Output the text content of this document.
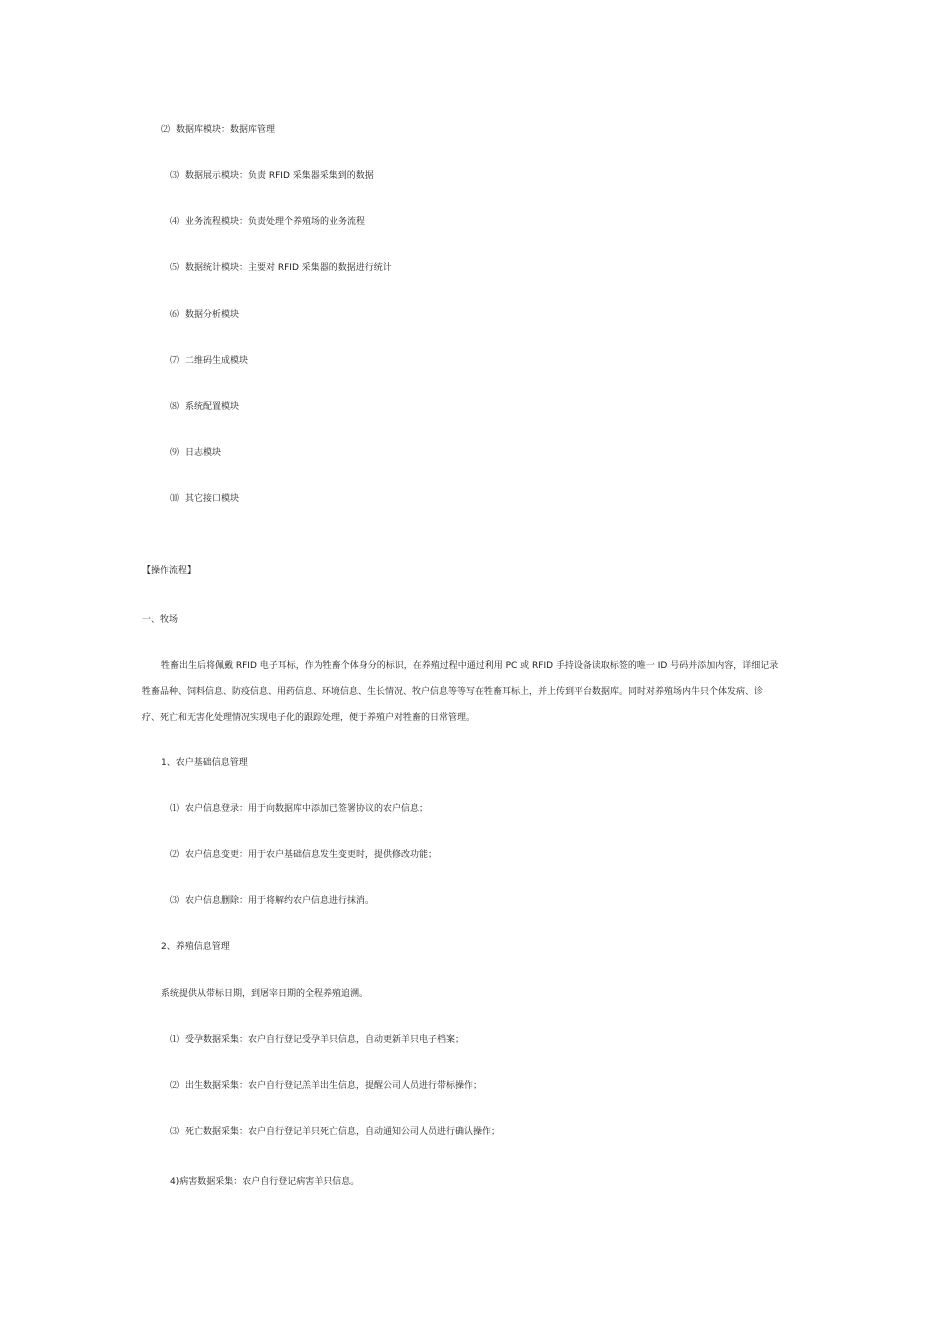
⑵ 数据库模块：数据库管理
⑶ 数据展示模块：负责 RFID 采集器采集到的数据
⑷ 业务流程模块：负责处理个养殖场的业务流程
⑸ 数据统计模块：主要对 RFID 采集器的数据进行统计
⑹ 数据分析模块
⑺ 二维码生成模块
⑻ 系统配置模块
⑼ 日志模块
⑽ 其它接口模块
【操作流程】
一、牧场
牲畜出生后将佩戴 RFID 电子耳标，作为牲畜个体身分的标识，在养殖过程中通过利用 PC 或 RFID 手持设备读取标签的唯一 ID 号码并添加内容，详细记录
牲畜品种、饲料信息、防疫信息、用药信息、环境信息、生长情况、牧户信息等等写在牲畜耳标上，并上传到平台数据库。同时对养殖场内牛只个体发病、诊
疗、死亡和无害化处理情况实现电子化的跟踪处理，便于养殖户对牲畜的日常管理。
1、农户基础信息管理
⑴ 农户信息登录：用于向数据库中添加已签署协议的农户信息；
⑵ 农户信息变更：用于农户基础信息发生变更时，提供修改功能；
⑶ 农户信息删除：用于将解约农户信息进行抹消。
2、养殖信息管理
系统提供从带标日期，到屠宰日期的全程养殖追溯。
⑴ 受孕数据采集：农户自行登记受孕羊只信息，自动更新羊只电子档案；
⑵ 出生数据采集：农户自行登记羔羊出生信息，提醒公司人员进行带标操作；
⑶ 死亡数据采集：农户自行登记羊只死亡信息，自动通知公司人员进行确认操作；
4)病害数据采集：农户自行登记病害羊只信息。
